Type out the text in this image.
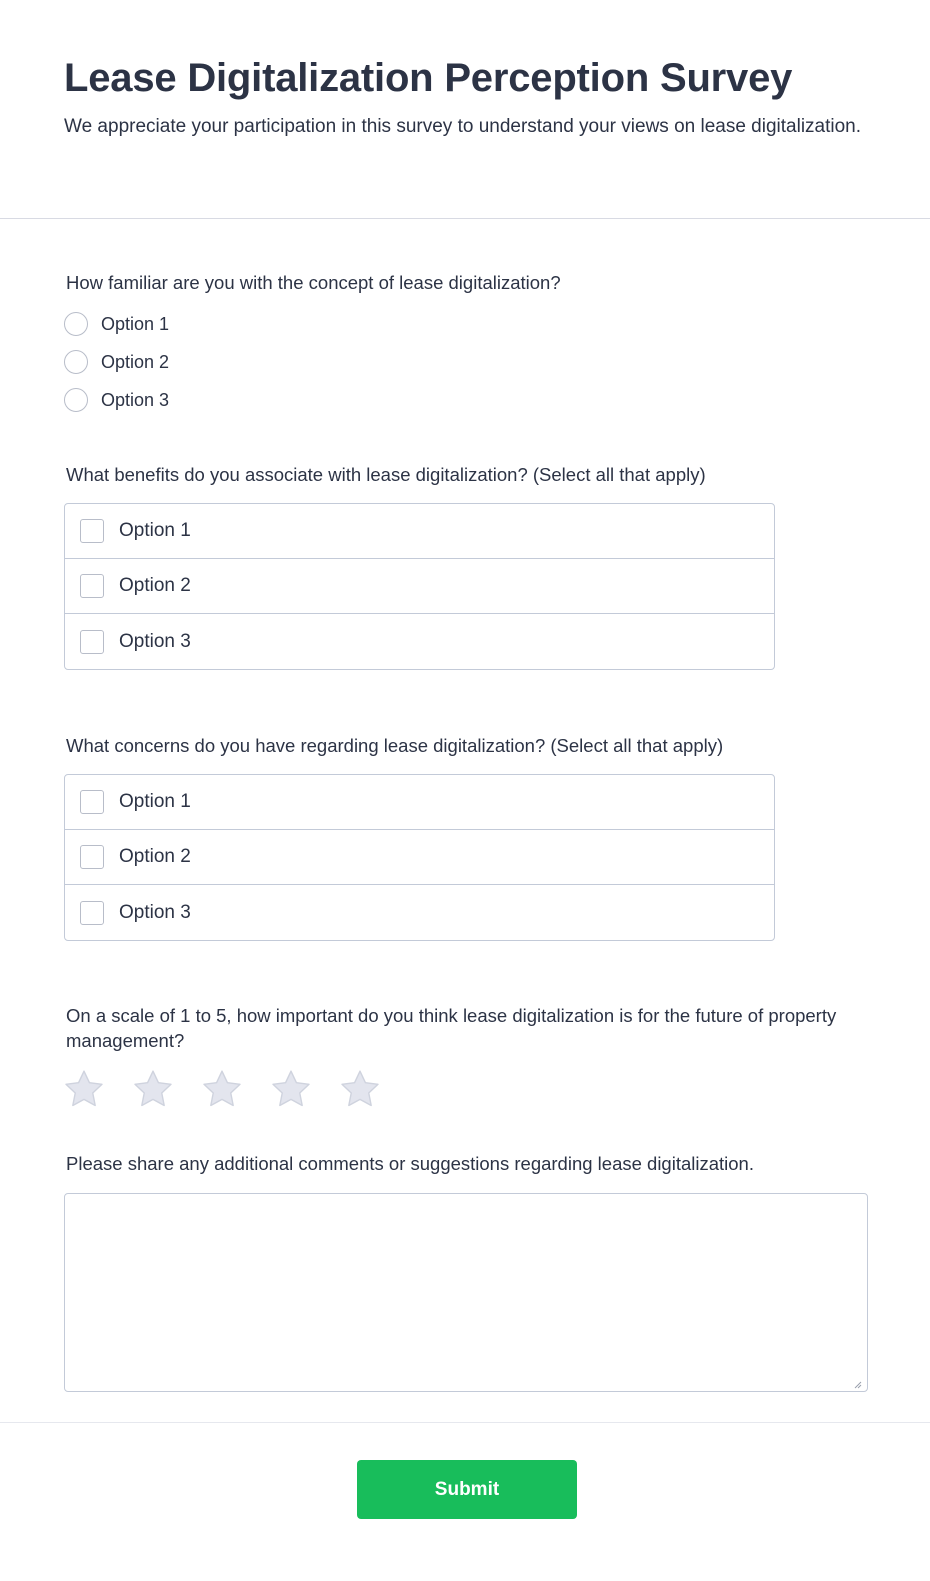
Lease Digitalization Perception Survey

We appreciate your participation in this survey to understand your views on lease digitalization.

How familiar are you with the concept of lease digitalization?
Option 1
Option 2
Option 3
What benefits do you associate with lease digitalization? (Select all that apply)
Option 1
Option 2
Option 3
What concerns do you have regarding lease digitalization? (Select all that apply)
Option 1
Option 2
Option 3
On a scale of 1 to 5, how important do you think lease digitalization is for the future of property management?
Please share any additional comments or suggestions regarding lease digitalization.
Submit
